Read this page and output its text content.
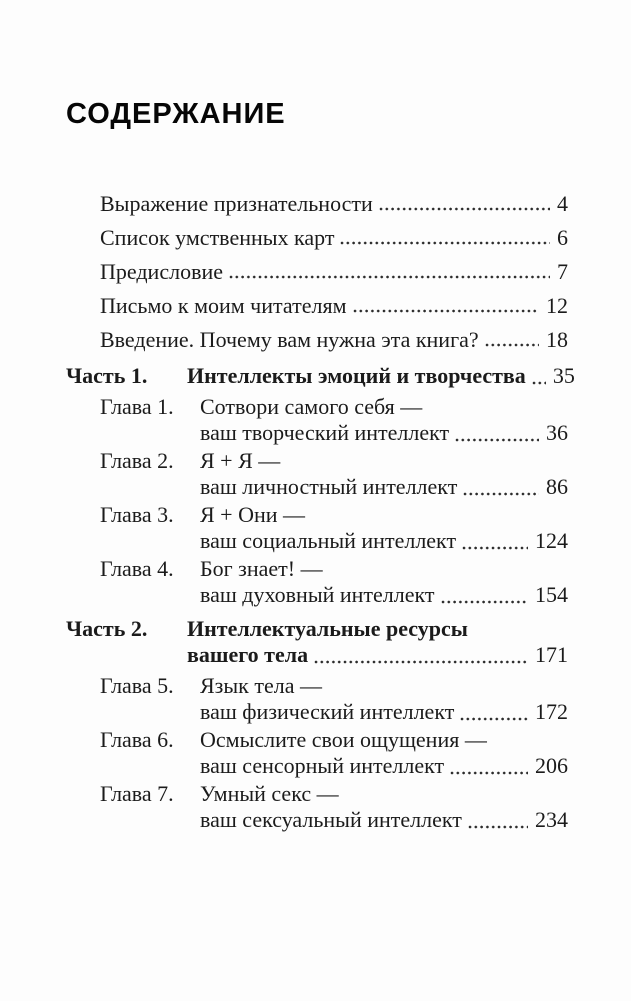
СОДЕРЖАНИЕ
Выражение признательности	4
Список умственных карт	6
Предисловие	7
Письмо к моим читателям	12
Введение. Почему вам нужна эта книга?	18
Часть 1.	Интеллекты эмоций и творчества 35
Глава 1.	Сотвори самого себя —
ваш творческий интеллект	36
Глава 2.	Я + Я —
ваш личностный интеллект	86
Глава 3.	Я + Они —
ваш социальный интеллект	124
Глава 4.	Бог знает! —
ваш духовный интеллект	154
Часть 2.	Интеллектуальные ресурсы
вашего тела	171
Глава 5.	Язык тела —
ваш физический интеллект	172
Глава 6.	Осмыслите свои ощущения —
ваш сенсорный интеллект	206
Глава 7.	Умный секс —
ваш сексуальный интеллект	234
